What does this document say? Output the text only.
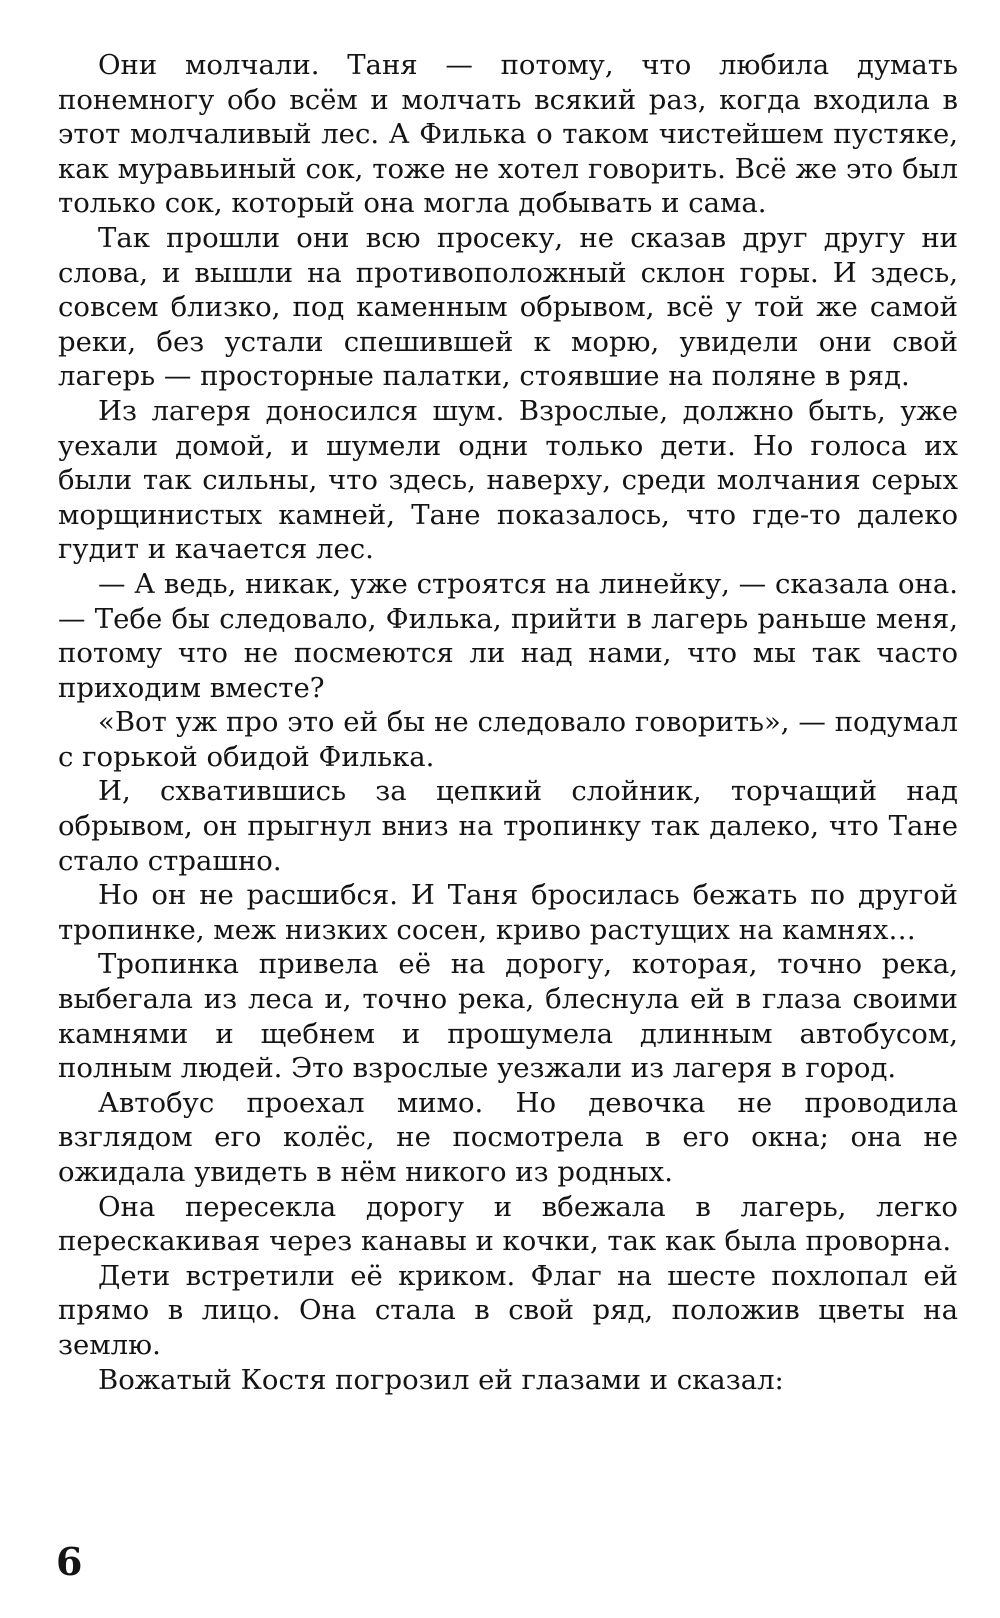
Они молчали. Таня — потому, что любила думать понемногу обо всём и молчать всякий раз, когда входила в этот молчаливый лес. А Филька о таком чистейшем пустяке, как муравьиный сок, тоже не хотел говорить. Всё же это был только сок, который она могла добывать и сама.

Так прошли они всю просеку, не сказав друг другу ни слова, и вышли на противоположный склон горы. И здесь, совсем близко, под каменным обрывом, всё у той же самой реки, без устали спешившей к морю, увидели они свой лагерь — просторные палатки, стоявшие на поляне в ряд.

Из лагеря доносился шум. Взрослые, должно быть, уже уехали домой, и шумели одни только дети. Но голоса их были так сильны, что здесь, наверху, среди молчания серых морщинистых камней, Тане показалось, что где-то далеко гудит и качается лес.

— А ведь, никак, уже строятся на линейку, — сказала она. — Тебе бы следовало, Филька, прийти в лагерь раньше меня, потому что не посмеются ли над нами, что мы так часто приходим вместе?

«Вот уж про это ей бы не следовало говорить», — подумал с горькой обидой Филька.

И, схватившись за цепкий слойник, торчащий над обрывом, он прыгнул вниз на тропинку так далеко, что Тане стало страшно.

Но он не расшибся. И Таня бросилась бежать по другой тропинке, меж низких сосен, криво растущих на камнях…

Тропинка привела её на дорогу, которая, точно река, выбегала из леса и, точно река, блеснула ей в глаза своими камнями и щебнем и прошумела длинным автобусом, полным людей. Это взрослые уезжали из лагеря в город.

Автобус проехал мимо. Но девочка не проводила взглядом его колёс, не посмотрела в его окна; она не ожидала увидеть в нём никого из родных.

Она пересекла дорогу и вбежала в лагерь, легко перескакивая через канавы и кочки, так как была проворна.

Дети встретили её криком. Флаг на шесте похлопал ей прямо в лицо. Она стала в свой ряд, положив цветы на землю.

Вожатый Костя погрозил ей глазами и сказал:

6
